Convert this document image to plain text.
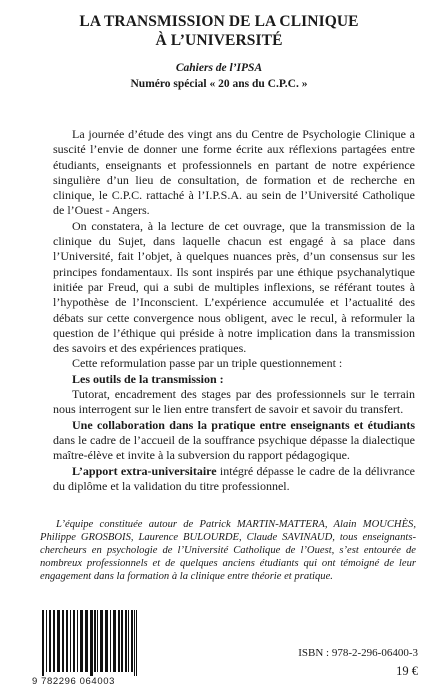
LA TRANSMISSION DE LA CLINIQUE
À L’UNIVERSITÉ
Cahiers de l’IPSA
Numéro spécial « 20 ans du C.P.C. »

La journée d’étude des vingt ans du Centre de Psychologie Clinique a suscité l’envie de donner une forme écrite aux réflexions partagées entre étudiants, enseignants et professionnels en partant de notre expérience singulière d’un lieu de consultation, de formation et de recherche en clinique, le C.P.C. rattaché à l’I.P.S.A. au sein de l’Université Catholique de l’Ouest - Angers.

On constatera, à la lecture de cet ouvrage, que la transmission de la clinique du Sujet, dans laquelle chacun est engagé à sa place dans l’Université, fait l’objet, à quelques nuances près, d’un consensus sur les principes fondamentaux. Ils sont inspirés par une éthique psychanalytique initiée par Freud, qui a subi de multiples inflexions, se référant toutes à l’hypothèse de l’Inconscient. L’expérience accumulée et l’actualité des débats sur cette convergence nous obligent, avec le recul, à reformuler la question de l’éthique qui préside à notre implication dans la transmission des savoirs et des expériences pratiques.

Cette reformulation passe par un triple questionnement :

Les outils de la transmission :

Tutorat, encadrement des stages par des professionnels sur le terrain nous interrogent sur le lien entre transfert de savoir et savoir du transfert.

Une collaboration dans la pratique entre enseignants et étudiants dans le cadre de l’accueil de la souffrance psychique dépasse la dialectique maître-élève et invite à la subversion du rapport pédagogique.

L’apport extra-universitaire intégré dépasse le cadre de la délivrance du diplôme et la validation du titre professionnel.

L’équipe constituée autour de Patrick MARTIN-MATTERA, Alain MOUCHÈS, Philippe GROSBOIS, Laurence BULOURDE, Claude SAVINAUD, tous enseignants-chercheurs en psychologie de l’Université Catholique de l’Ouest, s’est entourée de nombreux professionnels et de quelques anciens étudiants qui ont témoigné de leur engagement dans la formation à la clinique entre théorie et pratique.

9 782296 064003
ISBN : 978-2-296-06400-3
19 €
